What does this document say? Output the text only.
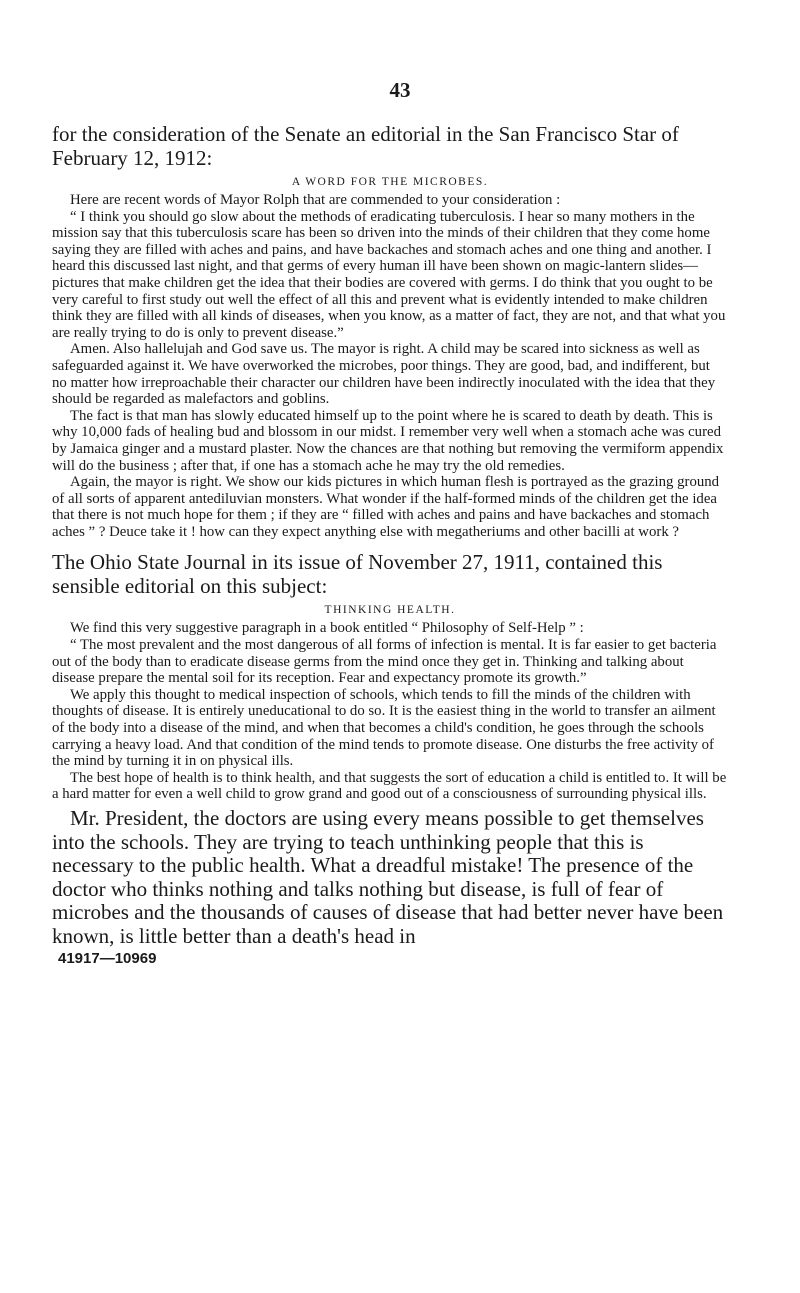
43

for the consideration of the Senate an editorial in the San Francisco Star of February 12, 1912:

A WORD FOR THE MICROBES.

Here are recent words of Mayor Rolph that are commended to your consideration :

“ I think you should go slow about the methods of eradicating tuberculosis. I hear so many mothers in the mission say that this tuberculosis scare has been so driven into the minds of their children that they come home saying they are filled with aches and pains, and have backaches and stomach aches and one thing and another. I heard this discussed last night, and that germs of every human ill have been shown on magic-lantern slides—pictures that make children get the idea that their bodies are covered with germs. I do think that you ought to be very careful to first study out well the effect of all this and prevent what is evidently intended to make children think they are filled with all kinds of diseases, when you know, as a matter of fact, they are not, and that what you are really trying to do is only to prevent disease.”

Amen. Also hallelujah and God save us. The mayor is right. A child may be scared into sickness as well as safeguarded against it. We have overworked the microbes, poor things. They are good, bad, and indifferent, but no matter how irreproachable their character our children have been indirectly inoculated with the idea that they should be regarded as malefactors and goblins.

The fact is that man has slowly educated himself up to the point where he is scared to death by death. This is why 10,000 fads of healing bud and blossom in our midst. I remember very well when a stomach ache was cured by Jamaica ginger and a mustard plaster. Now the chances are that nothing but removing the vermiform appendix will do the business ; after that, if one has a stomach ache he may try the old remedies.

Again, the mayor is right. We show our kids pictures in which human flesh is portrayed as the grazing ground of all sorts of apparent antediluvian monsters. What wonder if the half-formed minds of the children get the idea that there is not much hope for them ; if they are “ filled with aches and pains and have backaches and stomach aches ” ? Deuce take it ! how can they expect anything else with megatheriums and other bacilli at work ?

The Ohio State Journal in its issue of November 27, 1911, contained this sensible editorial on this subject:

THINKING HEALTH.

We find this very suggestive paragraph in a book entitled “ Philosophy of Self-Help ” :

“ The most prevalent and the most dangerous of all forms of infection is mental. It is far easier to get bacteria out of the body than to eradicate disease germs from the mind once they get in. Thinking and talking about disease prepare the mental soil for its reception. Fear and expectancy promote its growth.”

We apply this thought to medical inspection of schools, which tends to fill the minds of the children with thoughts of disease. It is entirely uneducational to do so. It is the easiest thing in the world to transfer an ailment of the body into a disease of the mind, and when that becomes a child's condition, he goes through the schools carrying a heavy load. And that condition of the mind tends to promote disease. One disturbs the free activity of the mind by turning it in on physical ills.

The best hope of health is to think health, and that suggests the sort of education a child is entitled to. It will be a hard matter for even a well child to grow grand and good out of a consciousness of surrounding physical ills.

Mr. President, the doctors are using every means possible to get themselves into the schools. They are trying to teach unthinking people that this is necessary to the public health. What a dreadful mistake! The presence of the doctor who thinks nothing and talks nothing but disease, is full of fear of microbes and the thousands of causes of disease that had better never have been known, is little better than a death's head in

41917—10969
